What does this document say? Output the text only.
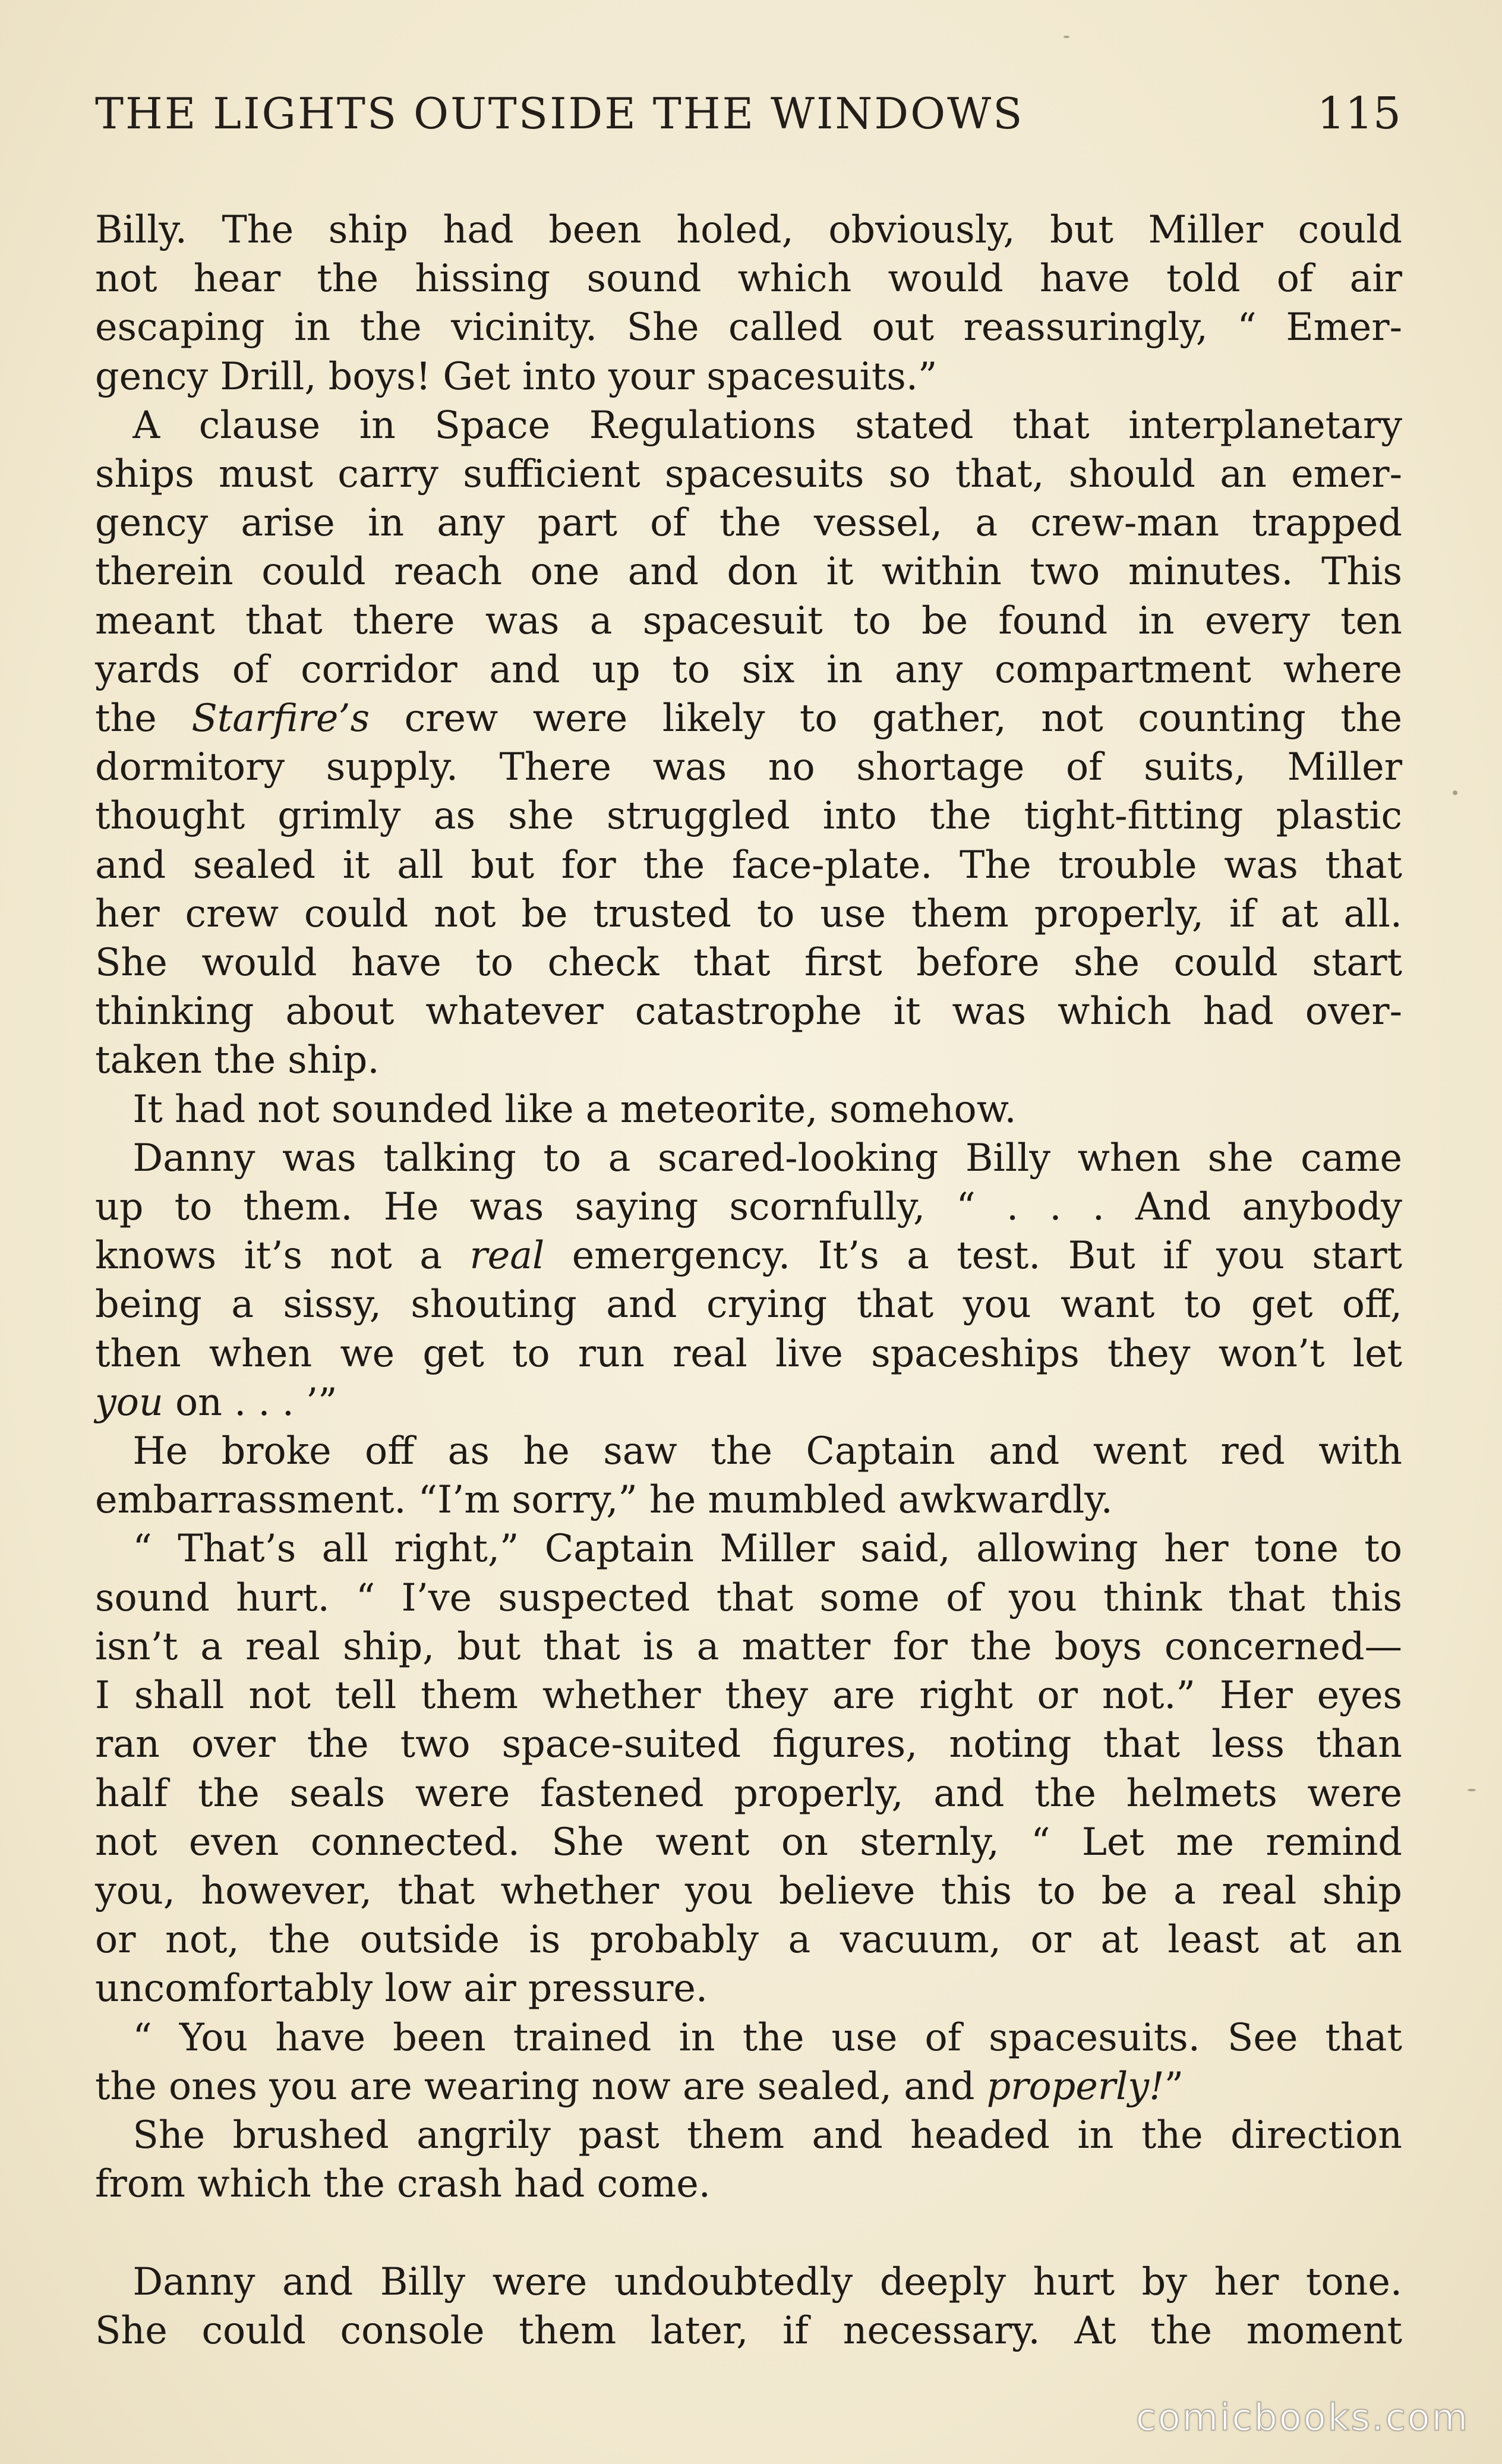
THE LIGHTS OUTSIDE THE WINDOWS	115

Billy. The ship had been holed, obviously, but Miller could

not hear the hissing sound which would have told of air

escaping in the vicinity. She called out reassuringly, “ Emer-

gency Drill, boys! Get into your spacesuits.”

 A clause in Space Regulations stated that interplanetary

ships must carry sufficient spacesuits so that, should an emer-

gency arise in any part of the vessel, a crew-man trapped

therein could reach one and don it within two minutes. This

meant that there was a spacesuit to be found in every ten

yards of corridor and up to six in any compartment where

the Starfire’s crew were likely to gather, not counting the

dormitory supply. There was no shortage of suits, Miller

thought grimly as she struggled into the tight-fitting plastic

and sealed it all but for the face-plate. The trouble was that

her crew could not be trusted to use them properly, if at all.

She would have to check that first before she could start

thinking about whatever catastrophe it was which had over-

taken the ship.

 It had not sounded like a meteorite, somehow.

 Danny was talking to a scared-looking Billy when she came

up to them. He was saying scornfully, “ . . . And anybody

knows it’s not a real emergency. It’s a test. But if you start

being a sissy, shouting and crying that you want to get off,

then when we get to run real live spaceships they won’t let

you on . . . ’”

 He broke off as he saw the Captain and went red with

embarrassment. “I’m sorry,” he mumbled awkwardly.

 “ That’s all right,” Captain Miller said, allowing her tone to

sound hurt. “ I’ve suspected that some of you think that this

isn’t a real ship, but that is a matter for the boys concerned—

I shall not tell them whether they are right or not.” Her eyes

ran over the two space-suited figures, noting that less than

half the seals were fastened properly, and the helmets were

not even connected. She went on sternly, “ Let me remind

you, however, that whether you believe this to be a real ship

or not, the outside is probably a vacuum, or at least at an

uncomfortably low air pressure.

 “ You have been trained in the use of spacesuits. See that

the ones you are wearing now are sealed, and properly!”

 She brushed angrily past them and headed in the direction

from which the crash had come.

 Danny and Billy were undoubtedly deeply hurt by her tone.

She could console them later, if necessary. At the moment

comicbooks.com
